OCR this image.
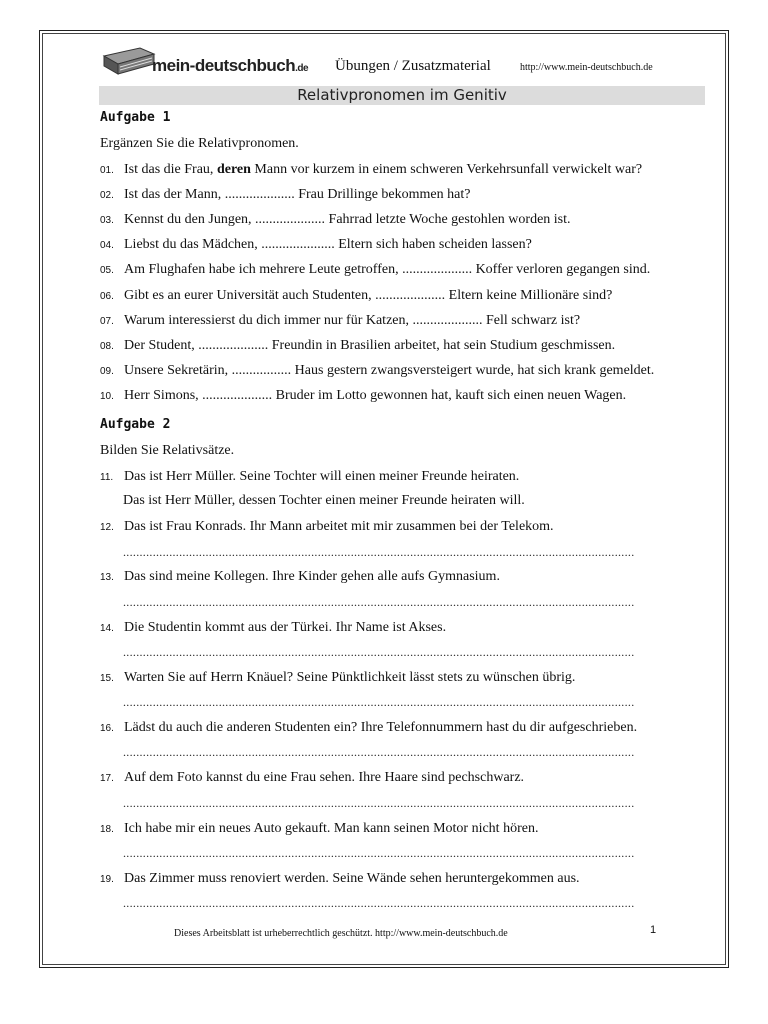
mein-deutschbuch.de Übungen / Zusatzmaterial	http://www.mein-deutschbuch.de
Relativpronomen im Genitiv
Aufgabe 1
Ergänzen Sie die Relativpronomen.
01. Ist das die Frau, deren Mann vor kurzem in einem schweren Verkehrsunfall verwickelt war?
02. Ist das der Mann, .................... Frau Drillinge bekommen hat?
03. Kennst du den Jungen, .................... Fahrrad letzte Woche gestohlen worden ist.
04. Liebst du das Mädchen, ..................... Eltern sich haben scheiden lassen?
05. Am Flughafen habe ich mehrere Leute getroffen, .................... Koffer verloren gegangen sind.
06. Gibt es an eurer Universität auch Studenten, .................... Eltern keine Millionäre sind?
07. Warum interessierst du dich immer nur für Katzen, .................... Fell schwarz ist?
08. Der Student, .................... Freundin in Brasilien arbeitet, hat sein Studium geschmissen.
09. Unsere Sekretärin, ................. Haus gestern zwangsversteigert wurde, hat sich krank gemeldet.
10. Herr Simons, .................... Bruder im Lotto gewonnen hat, kauft sich einen neuen Wagen.
Aufgabe 2
Bilden Sie Relativsätze.
11. Das ist Herr Müller. Seine Tochter will einen meiner Freunde heiraten.
Das ist Herr Müller, dessen Tochter einen meiner Freunde heiraten will.
12. Das ist Frau Konrads. Ihr Mann arbeitet mit mir zusammen bei der Telekom.
...........................................................................................................................................................
13. Das sind meine Kollegen. Ihre Kinder gehen alle aufs Gymnasium.
...........................................................................................................................................................
14. Die Studentin kommt aus der Türkei. Ihr Name ist Akses.
...........................................................................................................................................................
15. Warten Sie auf Herrn Knäuel? Seine Pünktlichkeit lässt stets zu wünschen übrig.
...........................................................................................................................................................
16. Lädst du auch die anderen Studenten ein? Ihre Telefonnummern hast du dir aufgeschrieben.
...........................................................................................................................................................
17. Auf dem Foto kannst du eine Frau sehen. Ihre Haare sind pechschwarz.
...........................................................................................................................................................
18. Ich habe mir ein neues Auto gekauft. Man kann seinen Motor nicht hören.
...........................................................................................................................................................
19. Das Zimmer muss renoviert werden. Seine Wände sehen heruntergekommen aus.
...........................................................................................................................................................
Dieses Arbeitsblatt ist urheberrechtlich geschützt. http://www.mein-deutschbuch.de	1
